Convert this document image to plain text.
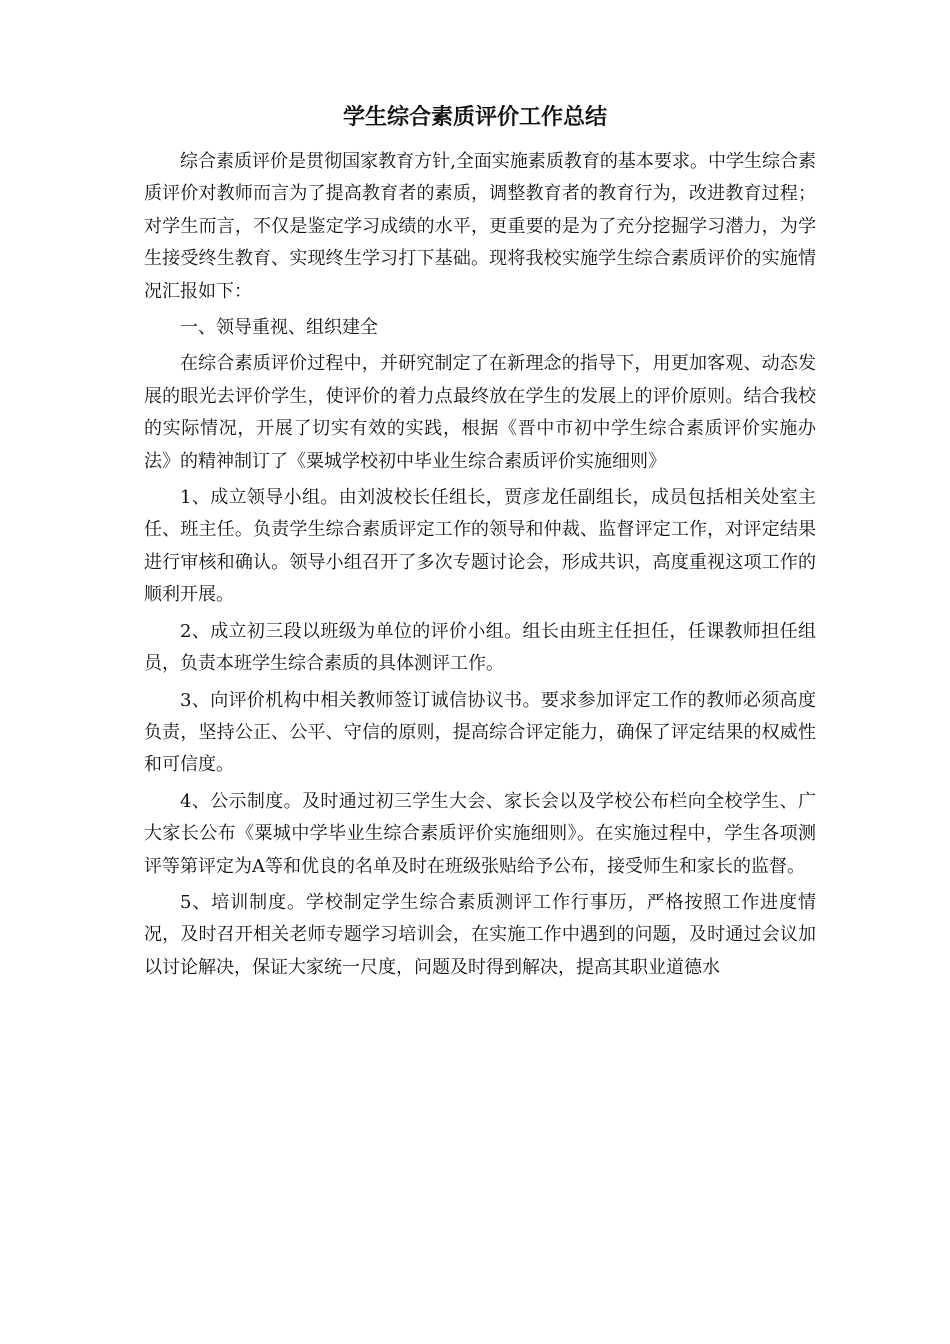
学生综合素质评价工作总结

综合素质评价是贯彻国家教育方针,全面实施素质教育的基本要求。中学生综合素质评价对教师而言为了提高教育者的素质，调整教育者的教育行为，改进教育过程；对学生而言，不仅是鉴定学习成绩的水平，更重要的是为了充分挖掘学习潜力，为学生接受终生教育、实现终生学习打下基础。现将我校实施学生综合素质评价的实施情况汇报如下：

一、领导重视、组织建全

在综合素质评价过程中，并研究制定了在新理念的指导下，用更加客观、动态发展的眼光去评价学生，使评价的着力点最终放在学生的发展上的评价原则。结合我校的实际情况，开展了切实有效的实践，根据《晋中市初中学生综合素质评价实施办法》的精神制订了《粟城学校初中毕业生综合素质评价实施细则》

1、成立领导小组。由刘波校长任组长，贾彦龙任副组长，成员包括相关处室主任、班主任。负责学生综合素质评定工作的领导和仲裁、监督评定工作，对评定结果进行审核和确认。领导小组召开了多次专题讨论会，形成共识，高度重视这项工作的顺利开展。

2、成立初三段以班级为单位的评价小组。组长由班主任担任，任课教师担任组员，负责本班学生综合素质的具体测评工作。

3、向评价机构中相关教师签订诚信协议书。要求参加评定工作的教师必须高度负责，坚持公正、公平、守信的原则，提高综合评定能力，确保了评定结果的权威性和可信度。

4、公示制度。及时通过初三学生大会、家长会以及学校公布栏向全校学生、广大家长公布《粟城中学毕业生综合素质评价实施细则》。在实施过程中，学生各项测评等第评定为A等和优良的名单及时在班级张贴给予公布，接受师生和家长的监督。

5、培训制度。学校制定学生综合素质测评工作行事历，严格按照工作进度情况，及时召开相关老师专题学习培训会，在实施工作中遇到的问题，及时通过会议加以讨论解决，保证大家统一尺度，问题及时得到解决，提高其职业道德水
